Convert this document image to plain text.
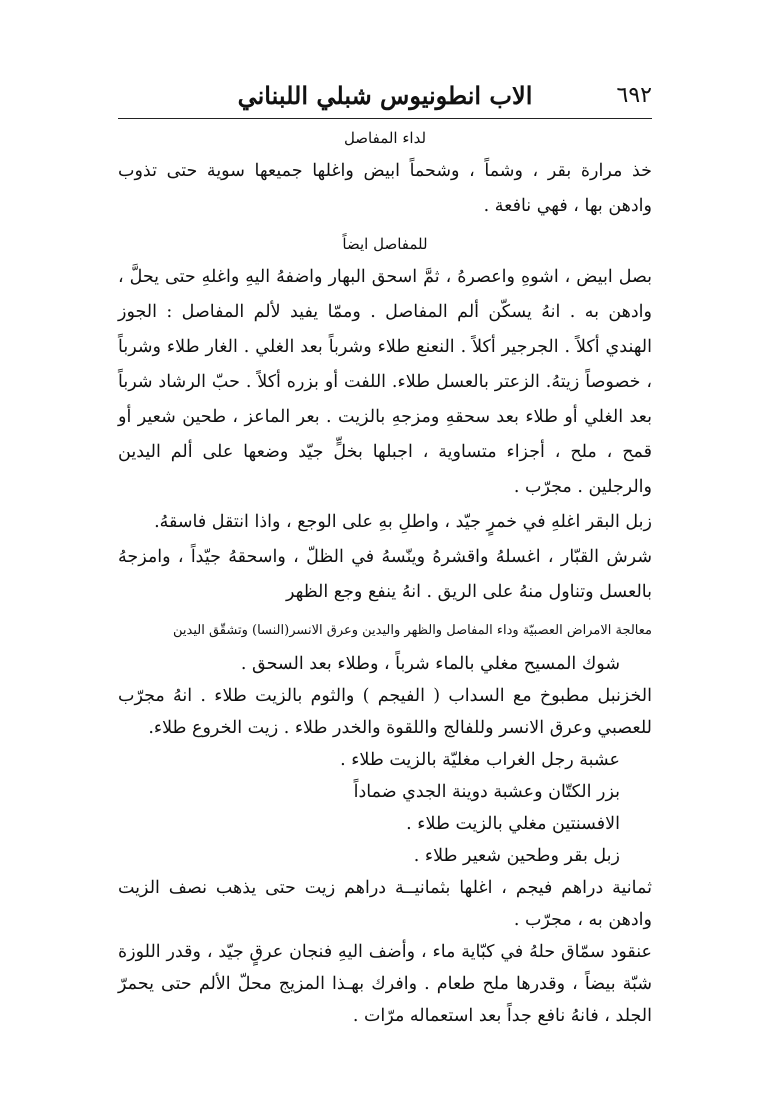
٦٩٢
الاب انطونيوس شبلي اللبناني
لداء المفاصل

خذ مرارة بقر ، وشماً ، وشحماً ابيض واغلها جميعها سوية حتى تذوب وادهن بها ، فهي نافعة .

للمفاصل ايضاً

بصل ابيض ، اشوهِ واعصرهُ ، ثمَّ اسحق البهار واضفهُ اليهِ واغلهِ حتى يحلَّ ، وادهن به . انهُ يسكّن ألم المفاصل . وممّا يفيد لألم المفاصل : الجوز الهندي أكلاً . الجرجير أكلاً . النعنع طلاء وشرباً بعد الغلي . الغار طلاء وشرباً ، خصوصاً زيتهُ. الزعتر بالعسل طلاء. اللفت أو بزره أكلاً . حبّ الرشاد شرباً بعد الغلي أو طلاء بعد سحقهِ ومزجهِ بالزيت . بعر الماعز ، طحين شعير أو قمح ، ملح ، أجزاء متساوية ، اجبلها بخلٍّ جيّد وضعها على ألم اليدين والرجلين . مجرّب .

زبل البقر اغلهِ في خمرٍ جيّد ، واطلِ بهِ على الوجع ، واذا انتقل فاسقهُ.

شرش القبّار ، اغسلهُ واقشرهُ وينّسهُ في الظلّ ، واسحقهُ جيّداً ، وامزجهُ بالعسل وتناول منهُ على الريق . انهُ ينفع وجع الظهر

معالجة الامراض العصبيّة وداء المفاصل والظهر واليدين وعرق الانسر(النسا) وتشقّق اليدين

شوك المسيح مغلي بالماء شرباً ، وطلاء بعد السحق .

الخزنبل مطبوخ مع السداب ( الفيجم ) والثوم بالزيت طلاء . انهُ مجرّب للعصبي وعرق الانسر وللفالج واللقوة والخدر طلاء . زيت الخروع طلاء.

عشبة رجل الغراب مغليّة بالزيت طلاء .

بزر الكتّان وعشبة دوينة الجدي ضماداً

الافسنتين مغلي بالزيت طلاء .

زبل بقر وطحين شعير طلاء .

ثمانية دراهم فيجم ، اغلها بثمانيــة دراهم زيت حتى يذهب نصف الزيت وادهن به ، مجرّب .

عنقود سمّاق حلهُ في كبّاية ماء ، وأضف اليهِ فنجان عرقٍ جيّد ، وقدر اللوزة شبّة بيضاً ، وقدرها ملح طعام . وافرك بهـذا المزيج محلّ الألم حتى يحمرّ الجلد ، فانهُ نافع جداً بعد استعماله مرّات .
